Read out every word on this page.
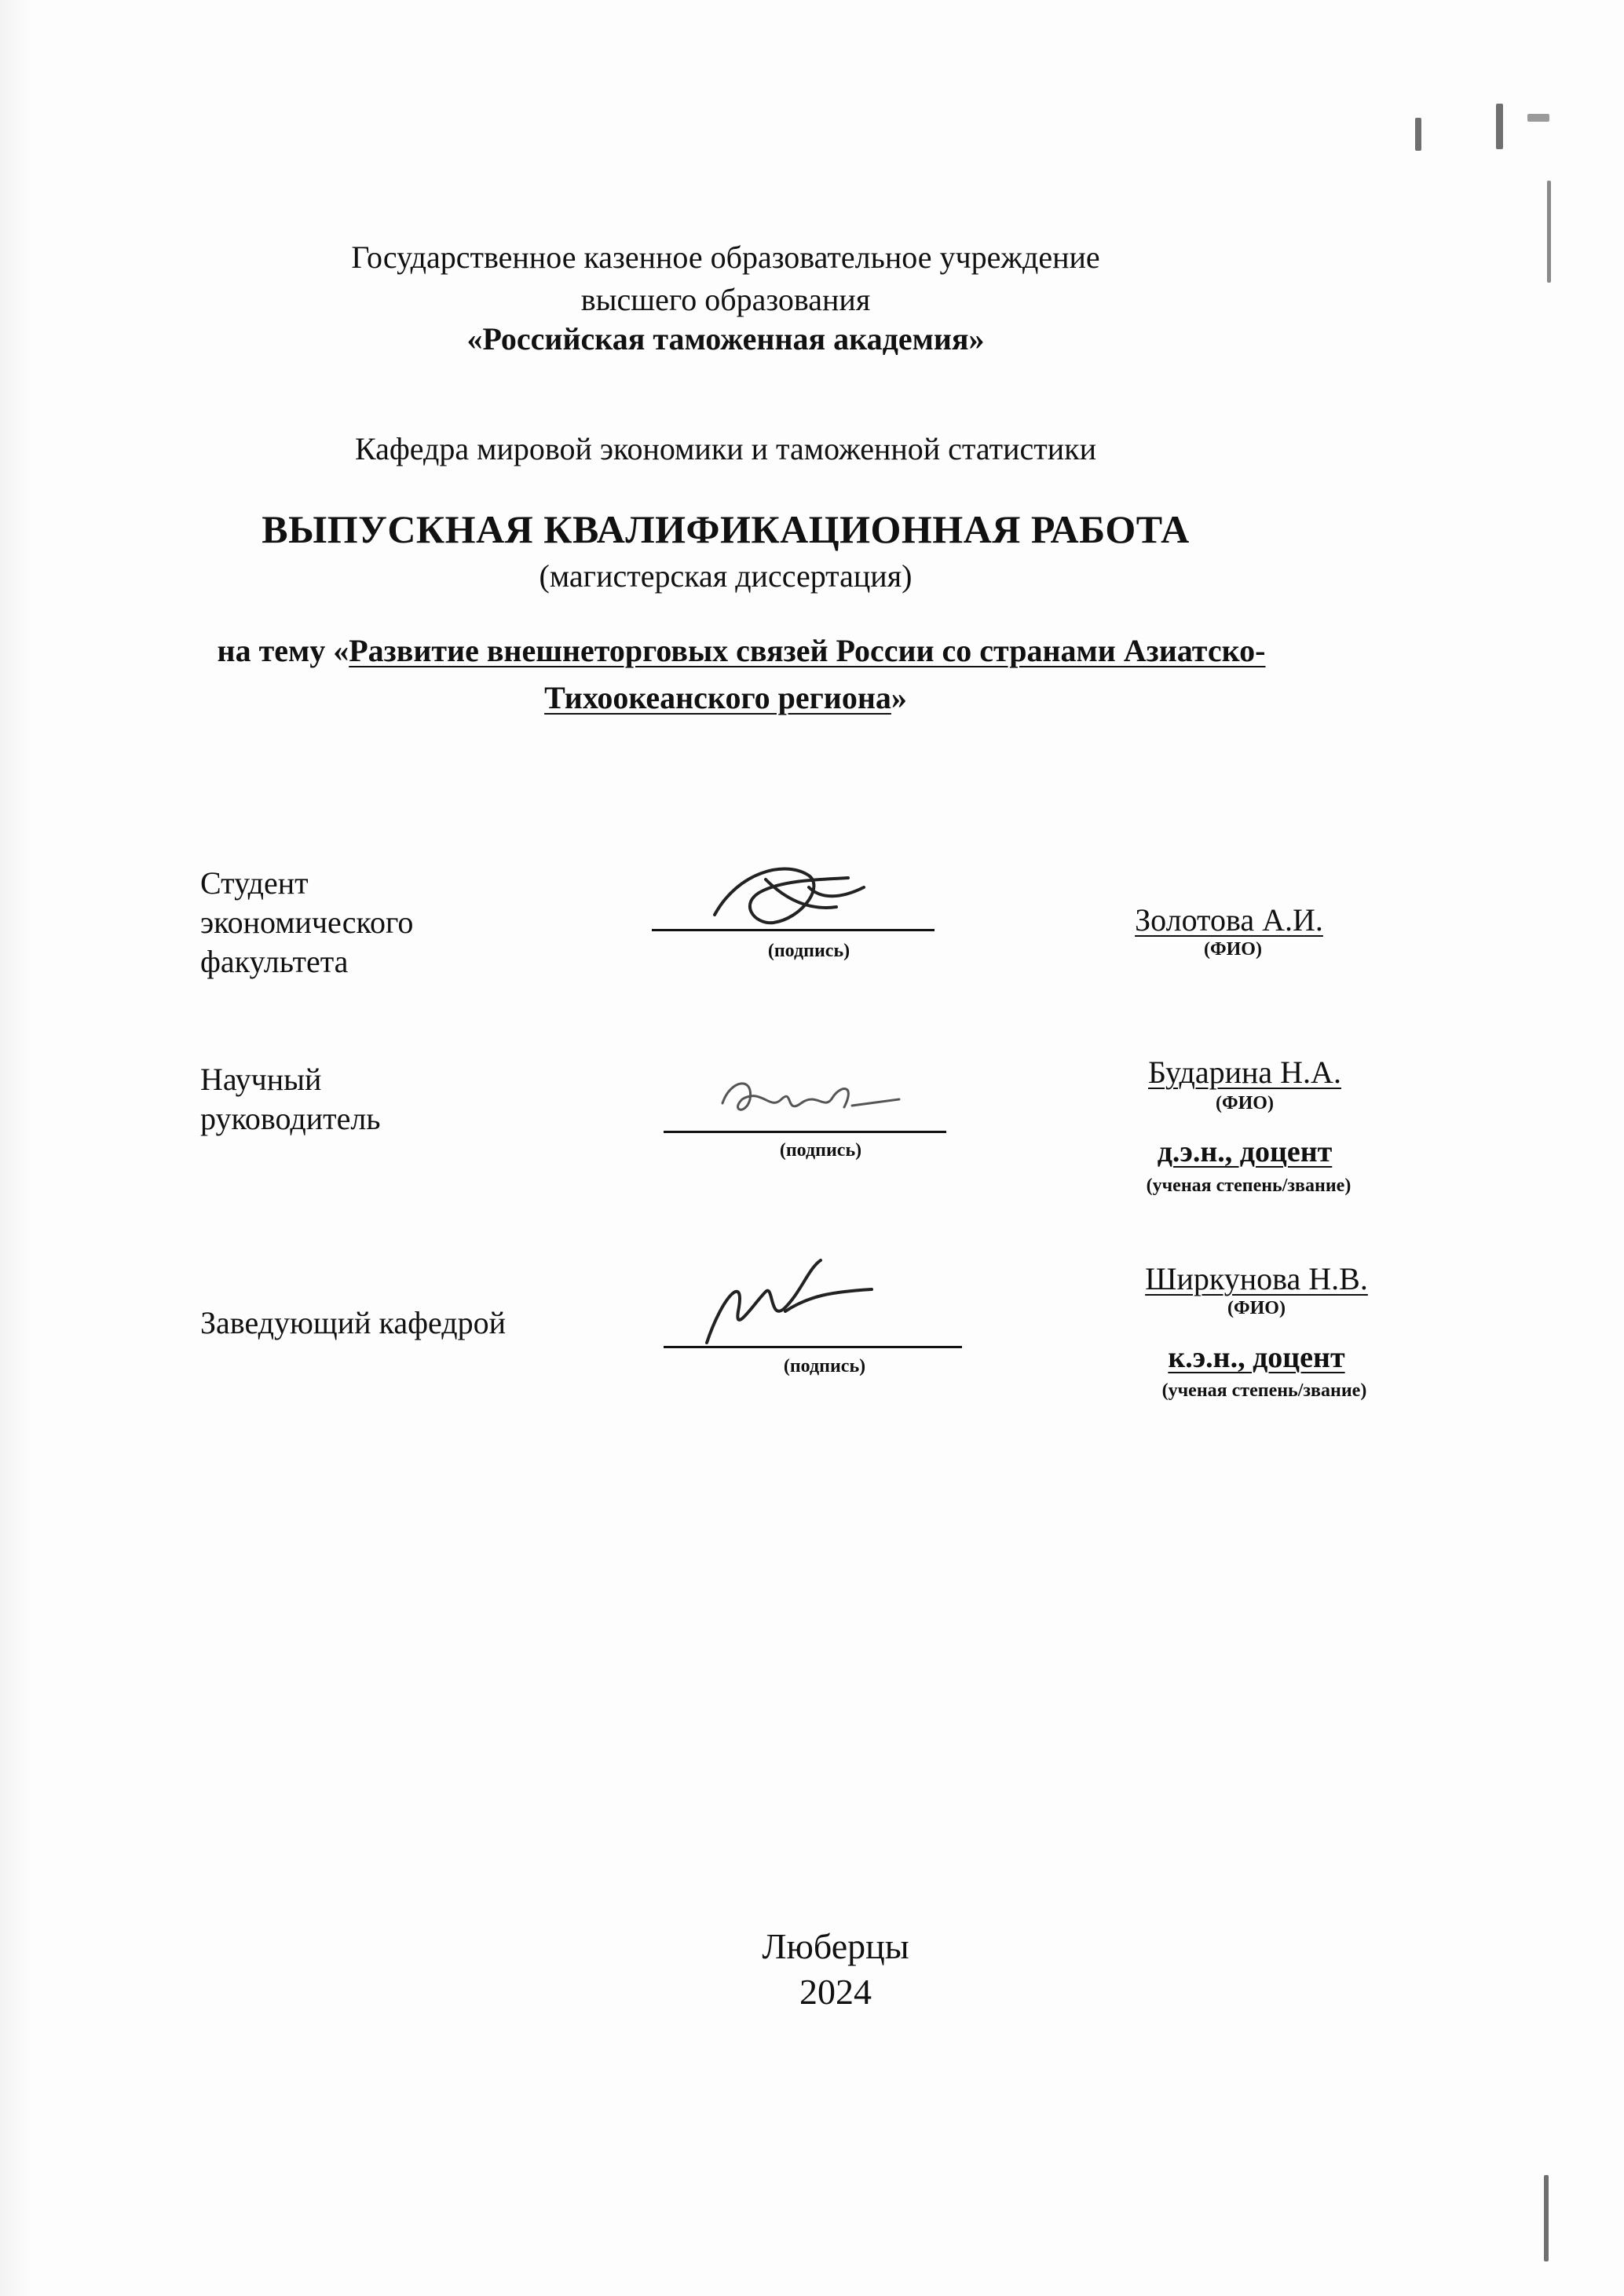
Государственное казенное образовательное учреждение
высшего образования
«Российская таможенная академия»
Кафедра мировой экономики и таможенной статистики
ВЫПУСКНАЯ КВАЛИФИКАЦИОННАЯ РАБОТА
(магистерская диссертация)
на тему «Развитие внешнеторговых связей России со странами Азиатско-
Тихоокеанского региона»
Студент
экономического
факультета	(подпись)
Золотова А.И.
(ФИО)
Научный
руководитель
(подпись)
Бударина Н.А.
(ФИО)
д.э.н., доцент
(ученая степень/звание)
Заведующий кафедрой
(подпись)
Ширкунова Н.В.
(ФИО)
к.э.н., доцент
(ученая степень/звание)
Люберцы
2024
